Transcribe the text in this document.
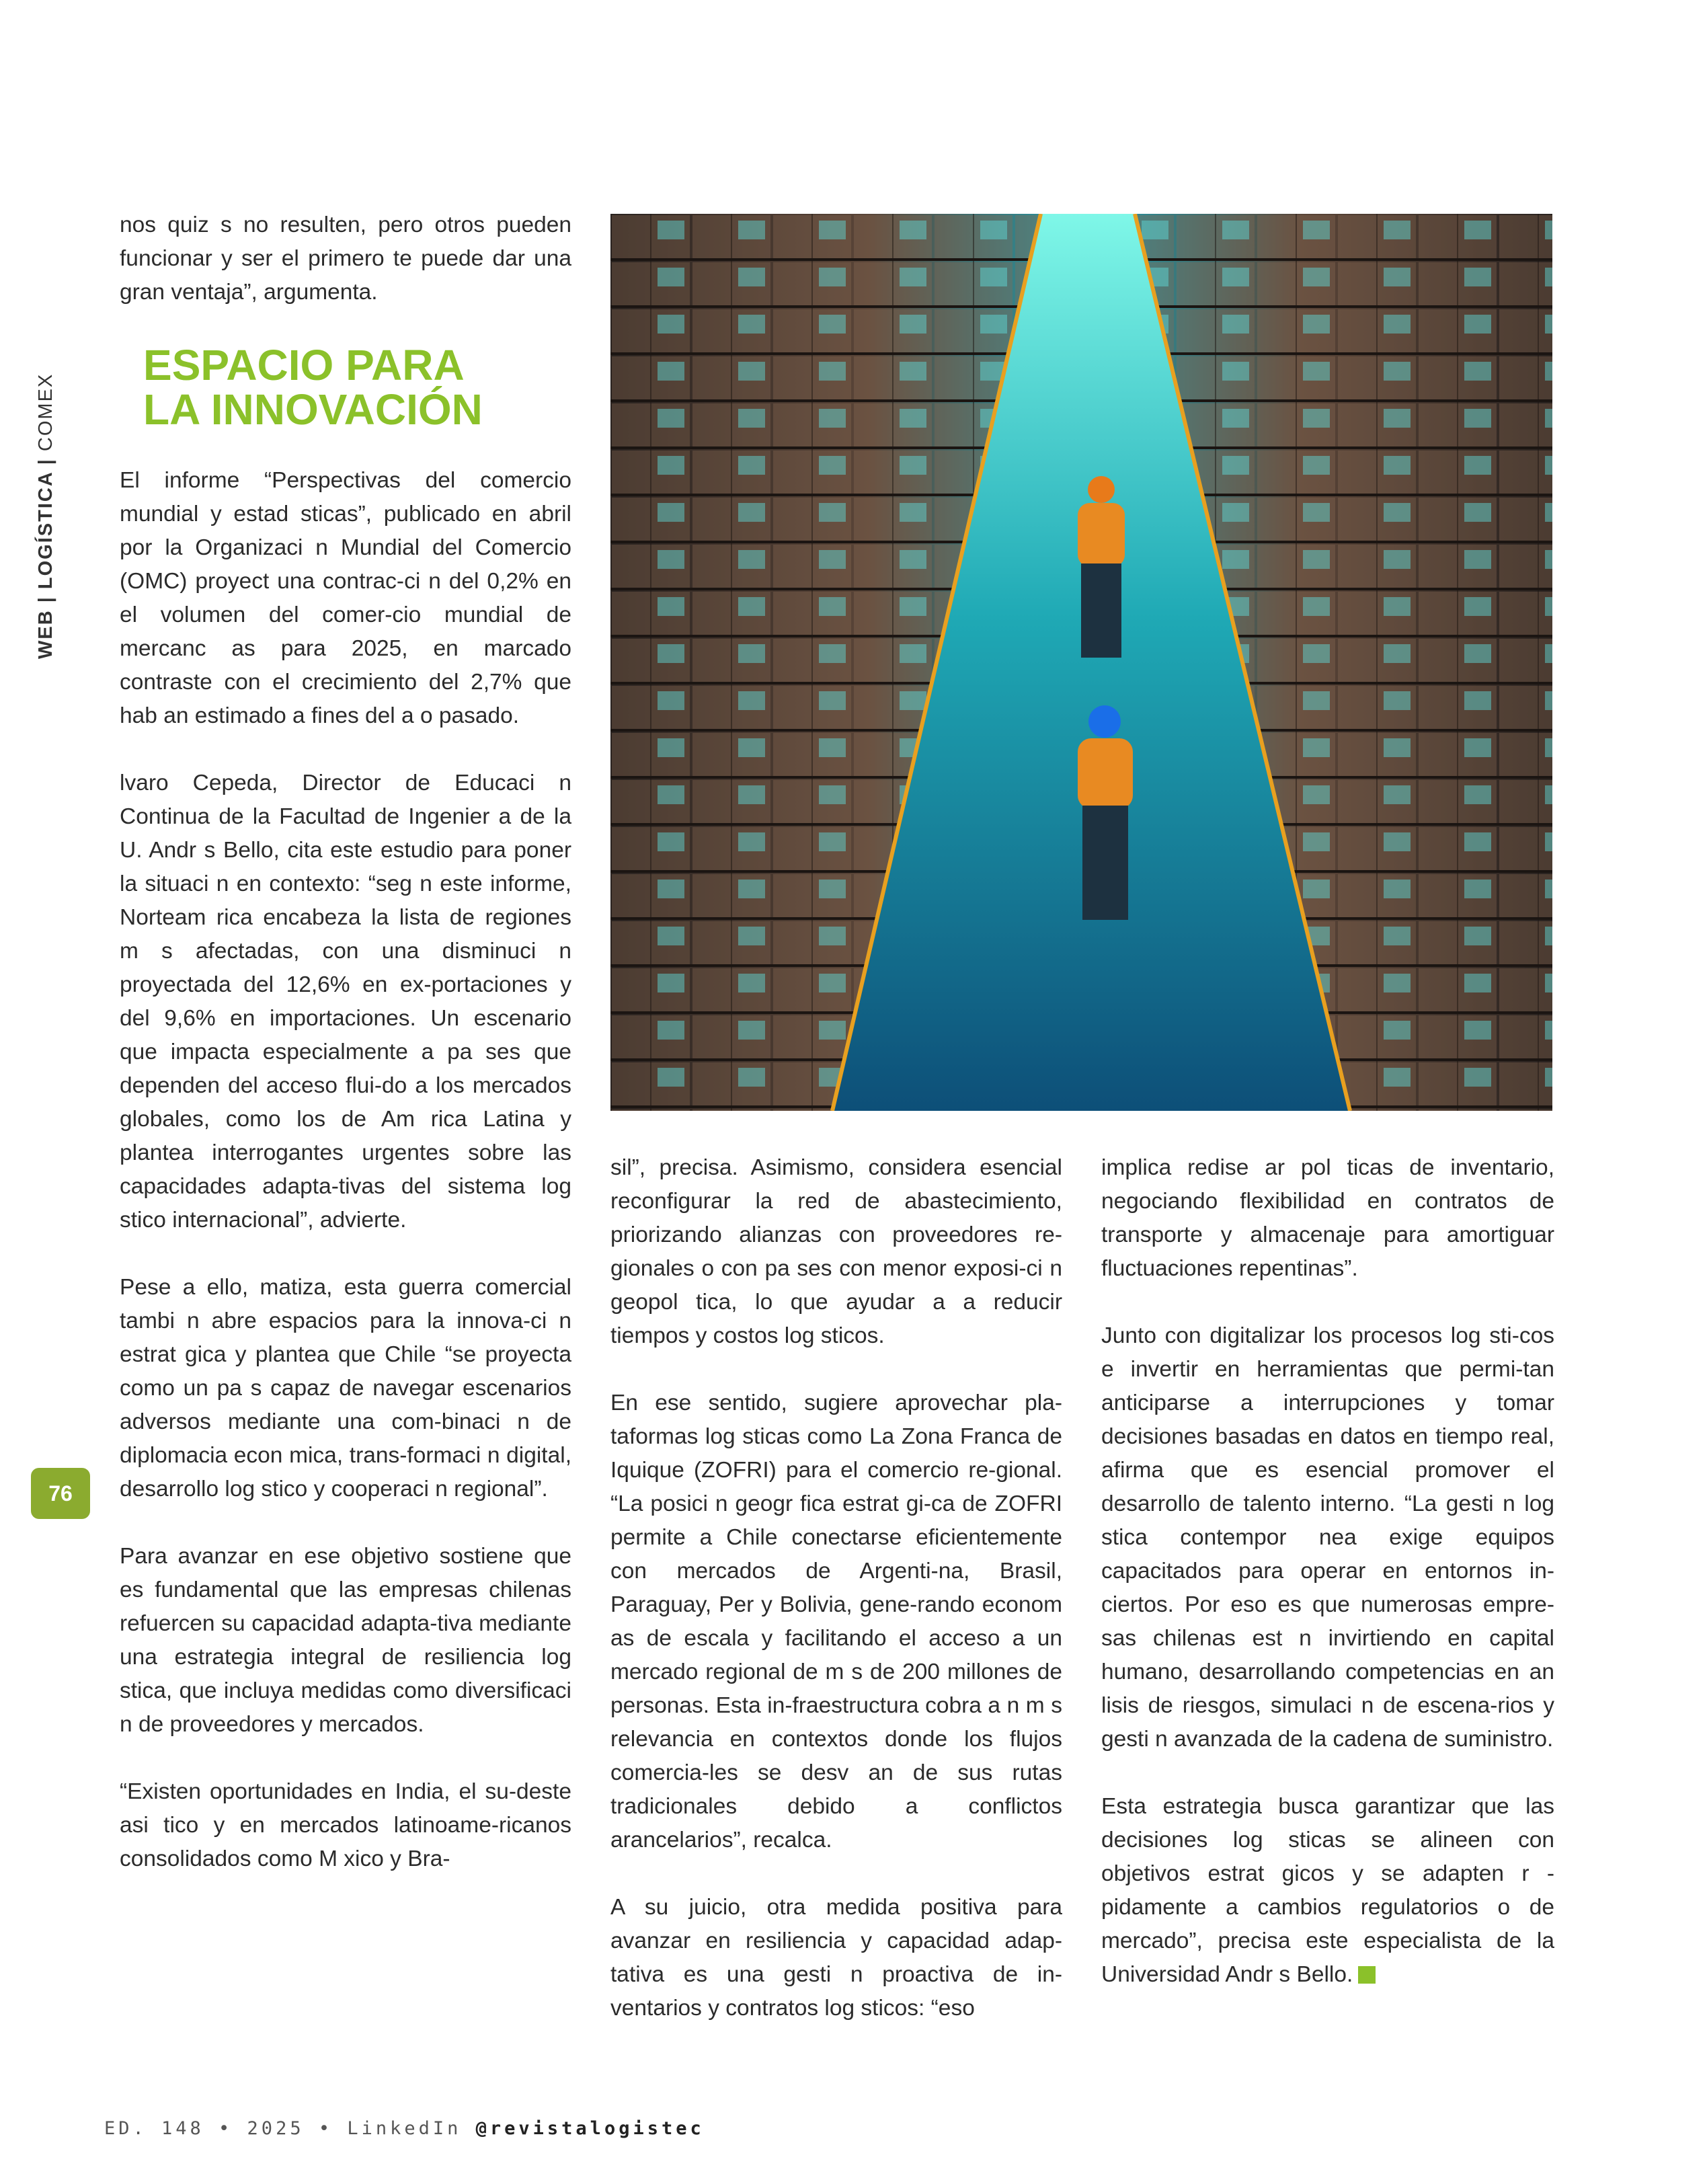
WEB | LOGÍSTICA | COMEX
76

nos quiz s no resulten, pero otros pueden funcionar y ser el primero te puede dar una gran ventaja”, argumenta.

ESPACIO PARA
LA INNOVACIÓN

El informe “Perspectivas del comercio mundial y estad sticas”, publicado en abril por la Organizaci n Mundial del Comercio (OMC) proyect una contrac-ci n del 0,2% en el volumen del comer-cio mundial de mercanc as para 2025, en marcado contraste con el crecimiento del 2,7% que hab an estimado a fines del a o pasado.

lvaro Cepeda, Director de Educaci n Continua de la Facultad de Ingenier a de la U. Andr s Bello, cita este estudio para poner la situaci n en contexto: “seg n este informe, Norteam rica encabeza la lista de regiones m s afectadas, con una disminuci n proyectada del 12,6% en ex-portaciones y del 9,6% en importaciones. Un escenario que impacta especialmente a pa ses que dependen del acceso flui-do a los mercados globales, como los de Am rica Latina y plantea interrogantes urgentes sobre las capacidades adapta-tivas del sistema log stico internacional”, advierte.

Pese a ello, matiza, esta guerra comercial tambi n abre espacios para la innova-ci n estrat gica y plantea que Chile “se proyecta como un pa s capaz de navegar escenarios adversos mediante una com-binaci n de diplomacia econ mica, trans-formaci n digital, desarrollo log stico y cooperaci n regional”.

Para avanzar en ese objetivo sostiene que es fundamental que las empresas chilenas refuercen su capacidad adapta-tiva mediante una estrategia integral de resiliencia log stica, que incluya medidas como diversificaci n de proveedores y mercados.

“Existen oportunidades en India, el su-deste asi tico y en mercados latinoame-ricanos consolidados como M xico y Bra-

sil”, precisa. Asimismo, considera esencial reconfigurar la red de abastecimiento, priorizando alianzas con proveedores re-gionales o con pa ses con menor exposi-ci n geopol tica, lo que ayudar a a reducir tiempos y costos log sticos.

En ese sentido, sugiere aprovechar pla-taformas log sticas como La Zona Franca de Iquique (ZOFRI) para el comercio re-gional. “La posici n geogr fica estrat gi-ca de ZOFRI permite a Chile conectarse eficientemente con mercados de Argenti-na, Brasil, Paraguay, Per y Bolivia, gene-rando econom as de escala y facilitando el acceso a un mercado regional de m s de 200 millones de personas. Esta in-fraestructura cobra a n m s relevancia en contextos donde los flujos comercia-les se desv an de sus rutas tradicionales debido a conflictos arancelarios”, recalca.

A su juicio, otra medida positiva para avanzar en resiliencia y capacidad adap-tativa es una gesti n proactiva de in-ventarios y contratos log sticos: “eso

implica redise ar pol ticas de inventario, negociando flexibilidad en contratos de transporte y almacenaje para amortiguar fluctuaciones repentinas”.

Junto con digitalizar los procesos log sti-cos e invertir en herramientas que permi-tan anticiparse a interrupciones y tomar decisiones basadas en datos en tiempo real, afirma que es esencial promover el desarrollo de talento interno. “La gesti n log stica contempor nea exige equipos capacitados para operar en entornos in-ciertos. Por eso es que numerosas empre-sas chilenas est n invirtiendo en capital humano, desarrollando competencias en an lisis de riesgos, simulaci n de escena-rios y gesti n avanzada de la cadena de suministro.

Esta estrategia busca garantizar que las decisiones log sticas se alineen con objetivos estrat gicos y se adapten r -pidamente a cambios regulatorios o de mercado”, precisa este especialista de la Universidad Andr s Bello.

ED. 148 • 2025 • LinkedIn @revistalogistec
